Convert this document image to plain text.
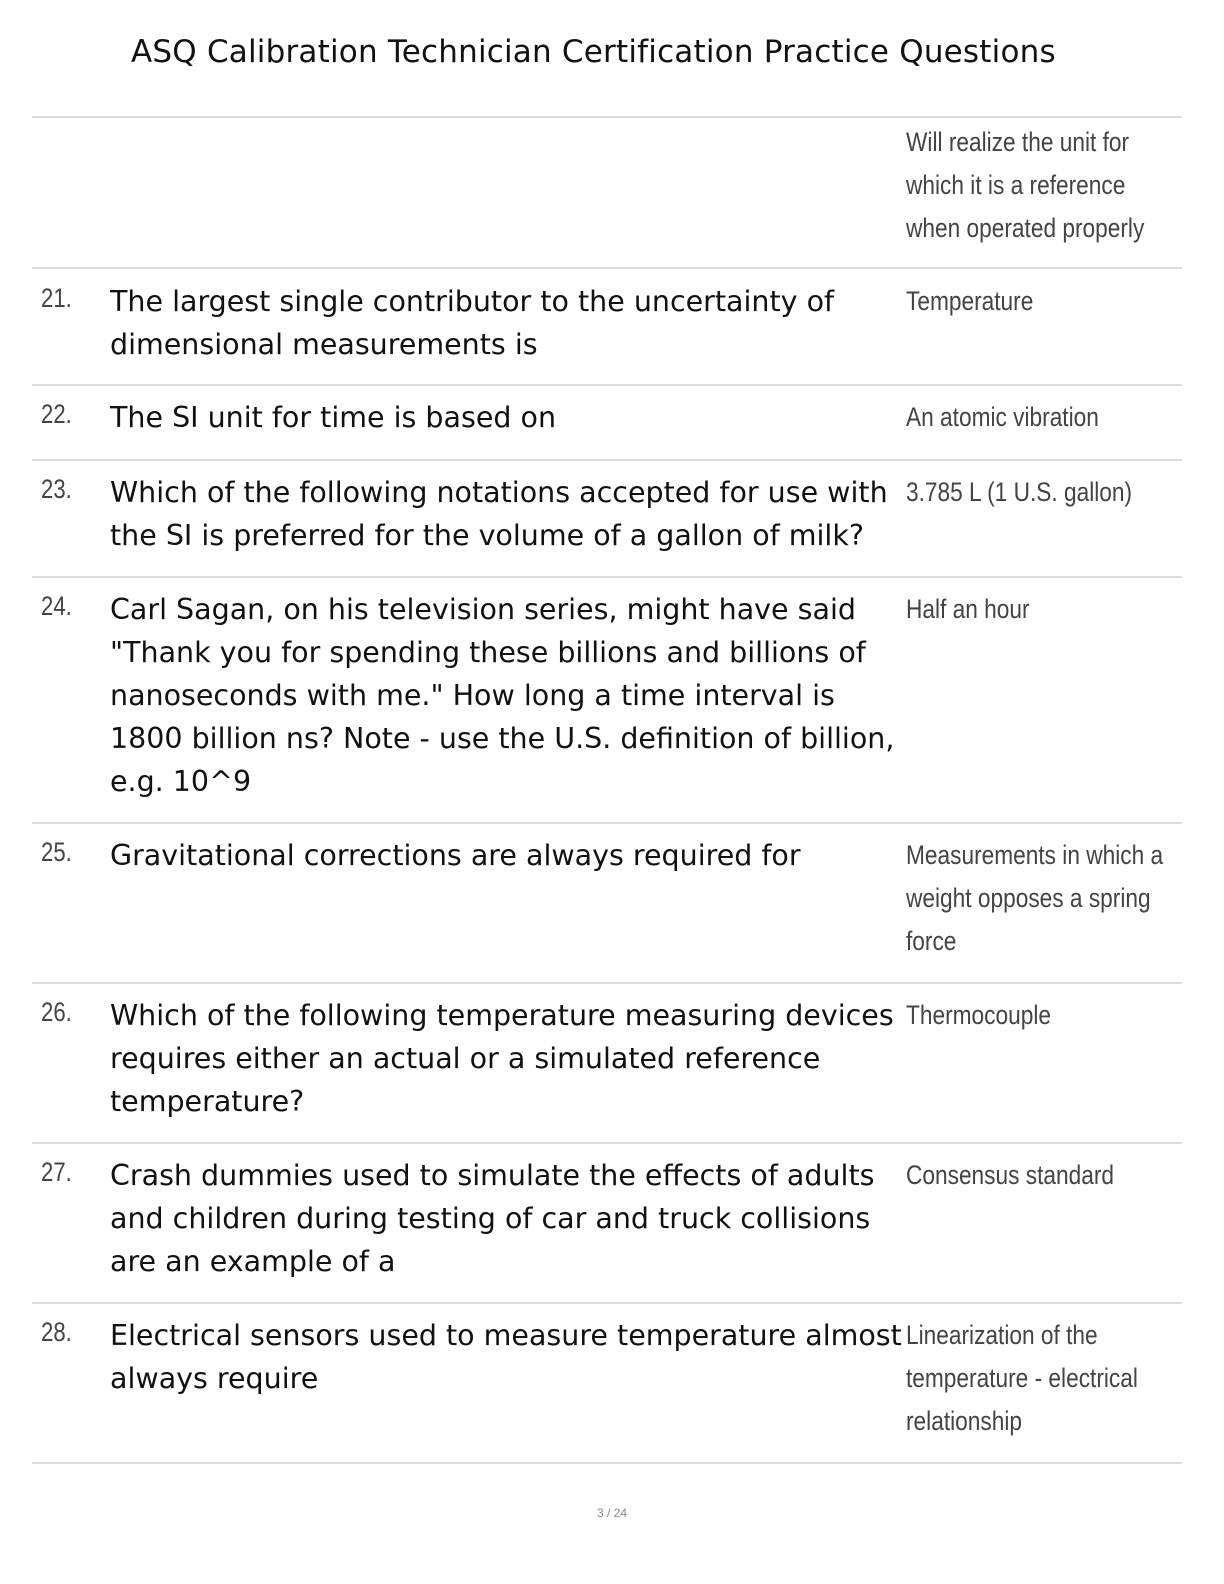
ASQ Calibration Technician Certification Practice Questions
Will realize the unit for which it is a reference when operated properly
21. The largest single contributor to the uncertainty of dimensional measurements is
Temperature
22. The SI unit for time is based on	An atomic vibration
23. Which of the following notations accepted for use with the SI is preferred for the volume of a gallon of milk?
3.785 L (1 U.S. gallon)
24. Carl Sagan, on his television series, might have said "Thank you for spending these billions and billions of nanoseconds with me." How long a time interval is 1800 billion ns? Note - use the U.S. definition of billion, e.g. 10^9
Half an hour
25. Gravitational corrections are always required for	Measurements in which a weight opposes a spring force
26. Which of the following temperature measuring devices requires either an actual or a simulated reference temperature?
Thermocouple
27. Crash dummies used to simulate the effects of adults and children during testing of car and truck collisions are an example of a
Consensus standard
28. Electrical sensors used to measure temperature almost always require
Linearization of the temperature - electrical relationship
3 / 24
